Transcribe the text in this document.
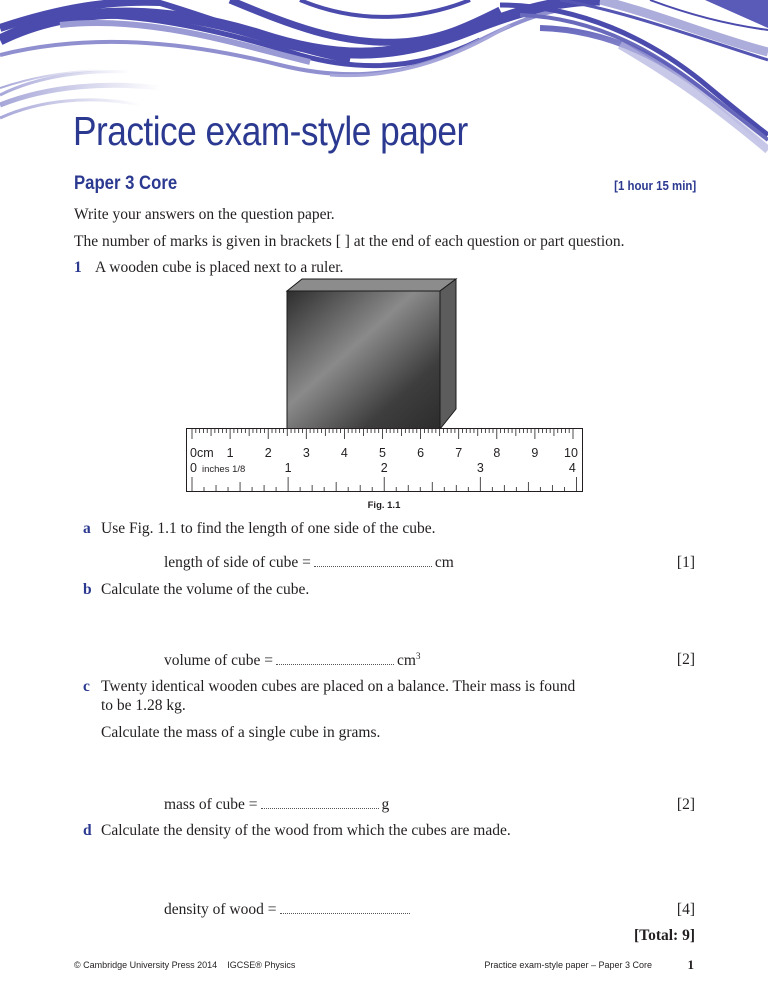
Practice exam-style paper
Paper 3 Core	[1 hour 15 min]
Write your answers on the question paper.
The number of marks is given in brackets [ ] at the end of each question or part question.
1 A wooden cube is placed next to a ruler.
0cm 1 2 3 4 5 6 7 8 9 10
0 inches 1/8	1	2	3	4
Fig. 1.1
a Use Fig. 1.1 to find the length of one side of the cube.
length of side of cube =	cm	[1]
b Calculate the volume of the cube.
volume of cube =	$cm^3$	[2]
c Twenty identical wooden cubes are placed on a balance. Their mass is found
to be 1.28 kg.
Calculate the mass of a single cube in grams.
mass of cube =	g	[2]
d Calculate the density of the wood from which the cubes are made.
density of wood =	[4]
[Total: 9]
© Cambridge University Press 2014 IGCSE® Physics	Practice exam-style paper – Paper 3 Core	1
